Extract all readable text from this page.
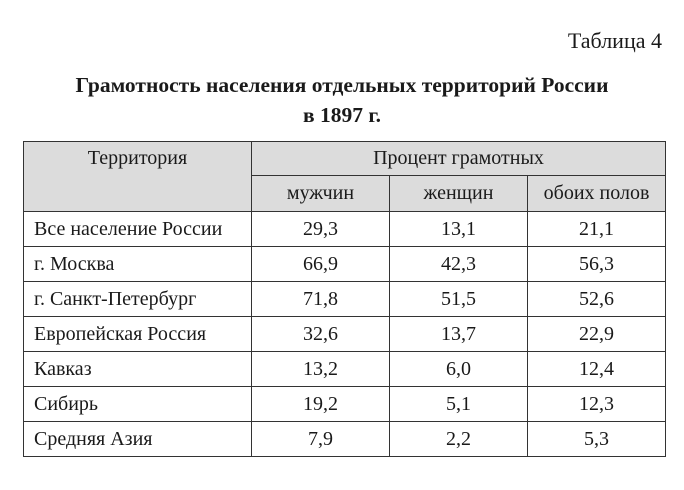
Таблица 4
Грамотность населения отдельных территорий России
в 1897 г.
Территория	Процент грамотных		
	мужчин	женщин	обоих полов
Все население России	29,3	13,1	21,1
г. Москва	66,9	42,3	56,3
г. Санкт-Петербург	71,8	51,5	52,6
Европейская Россия	32,6	13,7	22,9
Кавказ	13,2	6,0	12,4
Сибирь	19,2	5,1	12,3
Средняя Азия	7,9	2,2	5,3
